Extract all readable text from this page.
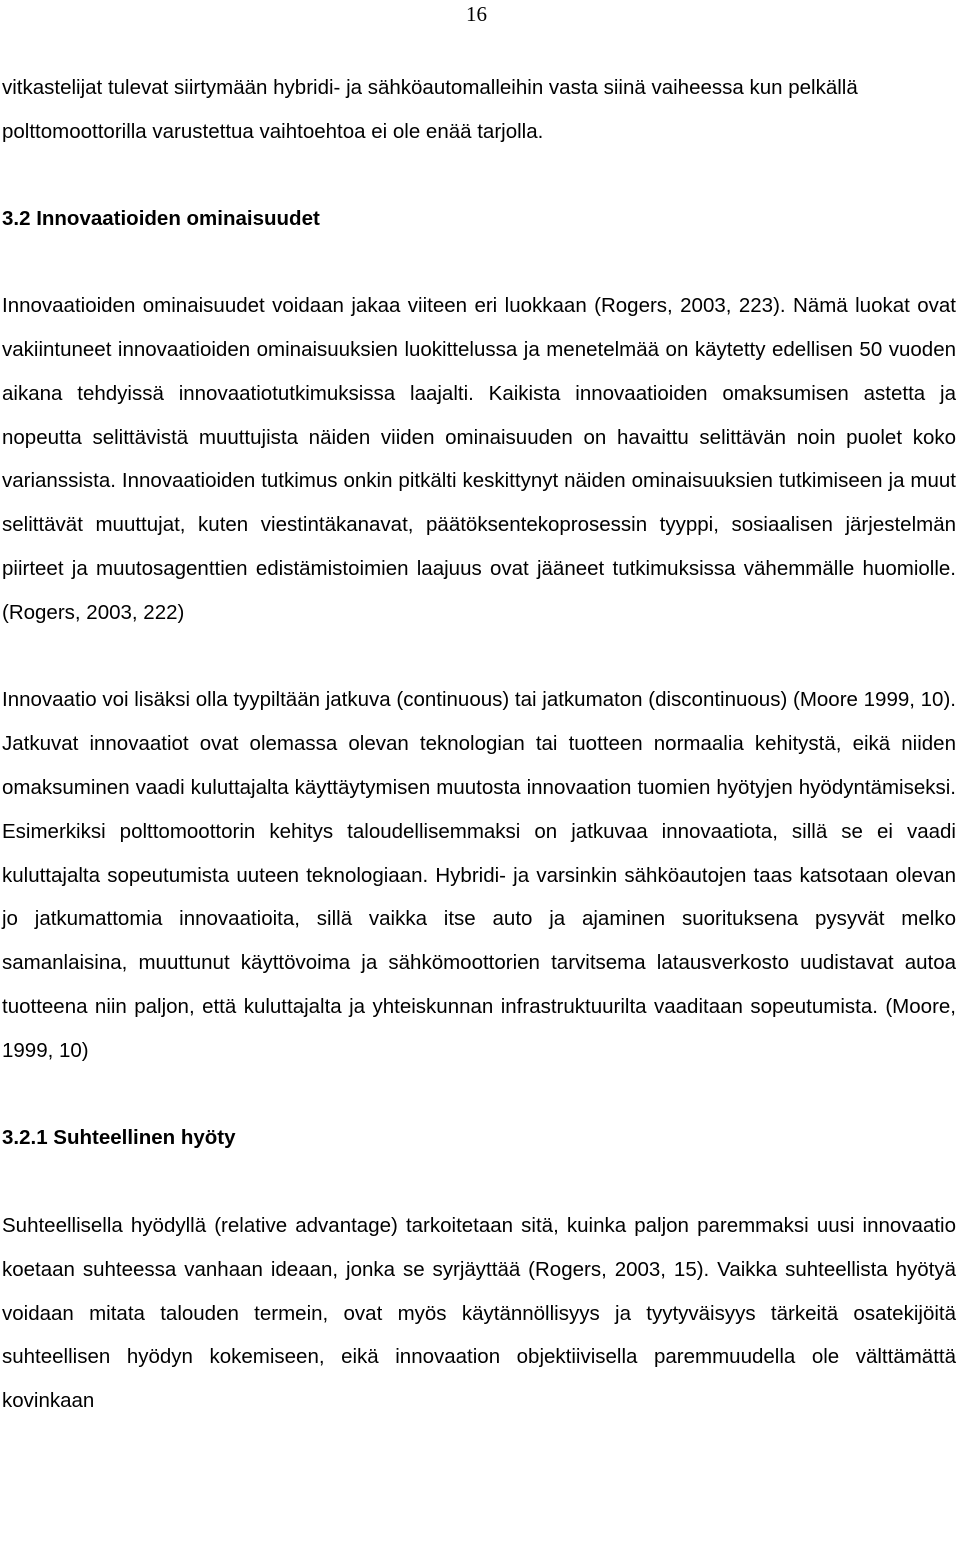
16

vitkastelijat tulevat siirtymään hybridi- ja sähköautomalleihin vasta siinä vaiheessa kun pelkällä polttomoottorilla varustettua vaihtoehtoa ei ole enää tarjolla.

3.2 Innovaatioiden ominaisuudet

Innovaatioiden ominaisuudet voidaan jakaa viiteen eri luokkaan (Rogers, 2003, 223). Nämä luokat ovat vakiintuneet innovaatioiden ominaisuuksien luokittelussa ja menetelmää on käytetty edellisen 50 vuoden aikana tehdyissä innovaatiotutkimuksissa laajalti. Kaikista innovaatioiden omaksumisen astetta ja nopeutta selittävistä muuttujista näiden viiden ominaisuuden on havaittu selittävän noin puolet koko varianssista. Innovaatioiden tutkimus onkin pitkälti keskittynyt näiden ominaisuuksien tutkimiseen ja muut selittävät muuttujat, kuten viestintäkanavat, päätöksentekoprosessin tyyppi, sosiaalisen järjestelmän piirteet ja muutosagenttien edistämistoimien laajuus ovat jääneet tutkimuksissa vähemmälle huomiolle. (Rogers, 2003, 222)

Innovaatio voi lisäksi olla tyypiltään jatkuva (continuous) tai jatkumaton (discontinuous) (Moore 1999, 10). Jatkuvat innovaatiot ovat olemassa olevan teknologian tai tuotteen normaalia kehitystä, eikä niiden omaksuminen vaadi kuluttajalta käyttäytymisen muutosta innovaation tuomien hyötyjen hyödyntämiseksi. Esimerkiksi polttomoottorin kehitys taloudellisemmaksi on jatkuvaa innovaatiota, sillä se ei vaadi kuluttajalta sopeutumista uuteen teknologiaan. Hybridi- ja varsinkin sähköautojen taas katsotaan olevan jo jatkumattomia innovaatioita, sillä vaikka itse auto ja ajaminen suorituksena pysyvät melko samanlaisina, muuttunut käyttövoima ja sähkömoottorien tarvitsema latausverkosto uudistavat autoa tuotteena niin paljon, että kuluttajalta ja yhteiskunnan infrastruktuurilta vaaditaan sopeutumista. (Moore, 1999, 10)

3.2.1 Suhteellinen hyöty

Suhteellisella hyödyllä (relative advantage) tarkoitetaan sitä, kuinka paljon paremmaksi uusi innovaatio koetaan suhteessa vanhaan ideaan, jonka se syrjäyttää (Rogers, 2003, 15). Vaikka suhteellista hyötyä voidaan mitata talouden termein, ovat myös käytännöllisyys ja tyytyväisyys tärkeitä osatekijöitä suhteellisen hyödyn kokemiseen, eikä innovaation objektiivisella paremmuudella ole välttämättä kovinkaan
